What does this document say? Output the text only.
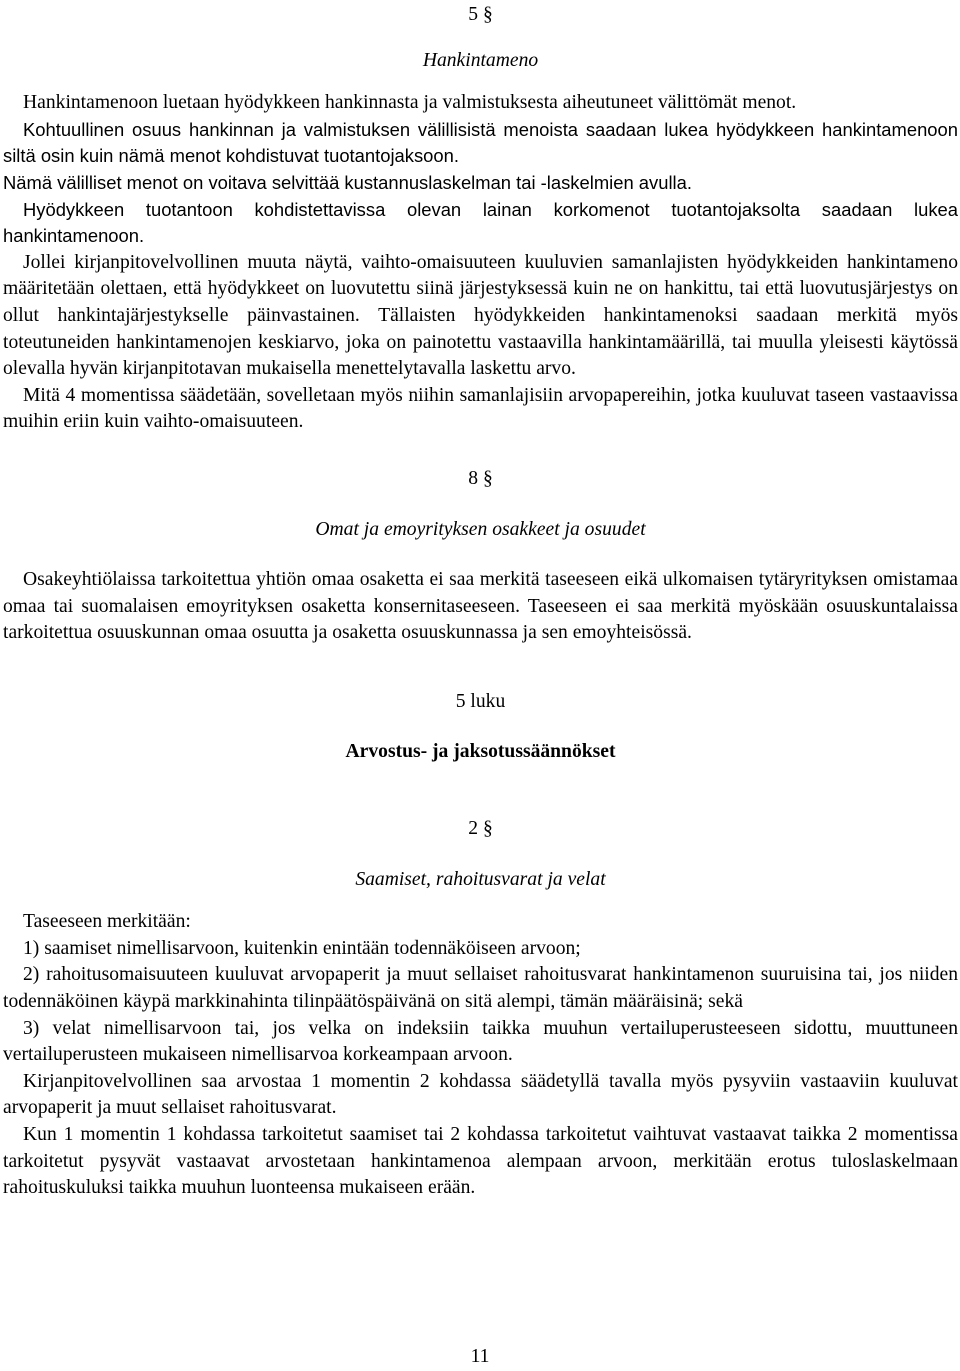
5 §
Hankintameno

Hankintamenoon luetaan hyödykkeen hankinnasta ja valmistuksesta aiheutuneet välittömät menot.

Kohtuullinen osuus hankinnan ja valmistuksen välillisistä menoista saadaan lukea hyödykkeen hankintamenoon siltä osin kuin nämä menot kohdistuvat tuotantojaksoon.

Nämä välilliset menot on voitava selvittää kustannuslaskelman tai -laskelmien avulla.

Hyödykkeen tuotantoon kohdistettavissa olevan lainan korkomenot tuotantojaksolta saadaan lukea hankintamenoon.

Jollei kirjanpitovelvollinen muuta näytä, vaihto-omaisuuteen kuuluvien samanlajisten hyödykkeiden hankintameno määritetään olettaen, että hyödykkeet on luovutettu siinä järjestyksessä kuin ne on hankittu, tai että luovutusjärjestys on ollut hankintajärjestykselle päinvastainen. Tällaisten hyödykkeiden hankintamenoksi saadaan merkitä myös toteutuneiden hankintamenojen keskiarvo, joka on painotettu vastaavilla hankintamäärillä, tai muulla yleisesti käytössä olevalla hyvän kirjanpitotavan mukaisella menettelytavalla laskettu arvo.

Mitä 4 momentissa säädetään, sovelletaan myös niihin samanlajisiin arvopapereihin, jotka kuuluvat taseen vastaavissa muihin eriin kuin vaihto-omaisuuteen.

8 §
Omat ja emoyrityksen osakkeet ja osuudet

Osakeyhtiölaissa tarkoitettua yhtiön omaa osaketta ei saa merkitä taseeseen eikä ulkomaisen tytäryrityksen omistamaa omaa tai suomalaisen emoyrityksen osaketta konsernitaseeseen. Taseeseen ei saa merkitä myöskään osuuskuntalaissa tarkoitettua osuuskunnan omaa osuutta ja osaketta osuuskunnassa ja sen emoyhteisössä.

5 luku
Arvostus- ja jaksotussäännökset
2 §
Saamiset, rahoitusvarat ja velat

Taseeseen merkitään:

1) saamiset nimellisarvoon, kuitenkin enintään todennäköiseen arvoon;

2) rahoitusomaisuuteen kuuluvat arvopaperit ja muut sellaiset rahoitusvarat hankintamenon suuruisina tai, jos niiden todennäköinen käypä markkinahinta tilinpäätöspäivänä on sitä alempi, tämän määräisinä; sekä

3) velat nimellisarvoon tai, jos velka on indeksiin taikka muuhun vertailuperusteeseen sidottu, muuttuneen vertailuperusteen mukaiseen nimellisarvoa korkeampaan arvoon.

Kirjanpitovelvollinen saa arvostaa 1 momentin 2 kohdassa säädetyllä tavalla myös pysyviin vastaaviin kuuluvat arvopaperit ja muut sellaiset rahoitusvarat.

Kun 1 momentin 1 kohdassa tarkoitetut saamiset tai 2 kohdassa tarkoitetut vaihtuvat vastaavat taikka 2 momentissa tarkoitetut pysyvät vastaavat arvostetaan hankintamenoa alempaan arvoon, merkitään erotus tuloslaskelmaan rahoituskuluksi taikka muuhun luonteensa mukaiseen erään.

11
